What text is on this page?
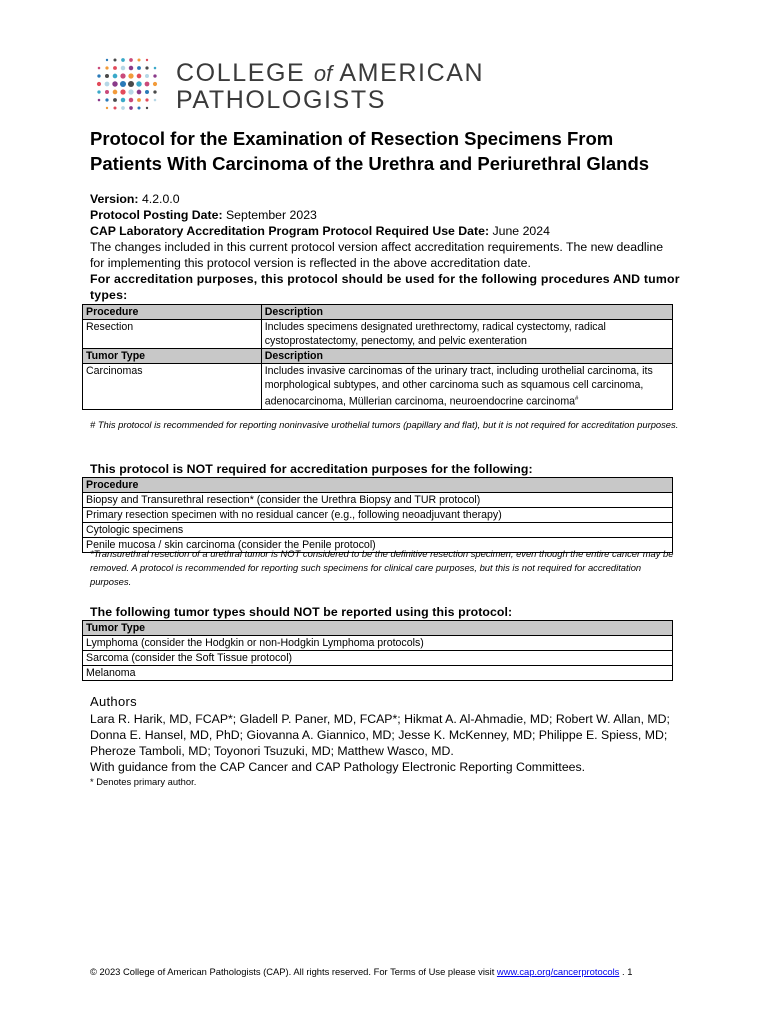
COLLEGE of AMERICAN
PATHOLOGISTS
Protocol for the Examination of Resection Specimens From Patients With Carcinoma of the Urethra and Periurethral Glands

Version: 4.2.0.0

Protocol Posting Date: September 2023

CAP Laboratory Accreditation Program Protocol Required Use Date: June 2024

The changes included in this current protocol version affect accreditation requirements. The new deadline for implementing this protocol version is reflected in the above accreditation date.

For accreditation purposes, this protocol should be used for the following procedures AND tumor types:

Procedure	Description
Resection	Includes specimens designated urethrectomy, radical cystectomy, radical cystoprostatectomy, penectomy, and pelvic exenteration
Tumor Type	Description
Carcinomas	Includes invasive carcinomas of the urinary tract, including urothelial carcinoma, its morphological subtypes, and other carcinoma such as squamous cell carcinoma, adenocarcinoma, Müllerian carcinoma, neuroendocrine carcinoma#

# This protocol is recommended for reporting noninvasive urothelial tumors (papillary and flat), but it is not required for accreditation purposes.

This protocol is NOT required for accreditation purposes for the following:

Procedure
Biopsy and Transurethral resection* (consider the Urethra Biopsy and TUR protocol)
Primary resection specimen with no residual cancer (e.g., following neoadjuvant therapy)
Cytologic specimens
Penile mucosa / skin carcinoma (consider the Penile protocol)

*Transurethral resection of a urethral tumor is NOT considered to be the definitive resection specimen, even though the entire cancer may be removed. A protocol is recommended for reporting such specimens for clinical care purposes, but this is not required for accreditation purposes.

The following tumor types should NOT be reported using this protocol:

Tumor Type
Lymphoma (consider the Hodgkin or non-Hodgkin Lymphoma protocols)
Sarcoma (consider the Soft Tissue protocol)
Melanoma

Authors

Lara R. Harik, MD, FCAP*; Gladell P. Paner, MD, FCAP*; Hikmat A. Al-Ahmadie, MD; Robert W. Allan, MD; Donna E. Hansel, MD, PhD; Giovanna A. Giannico, MD; Jesse K. McKenney, MD; Philippe E. Spiess, MD; Pheroze Tamboli, MD; Toyonori Tsuzuki, MD; Matthew Wasco, MD.

With guidance from the CAP Cancer and CAP Pathology Electronic Reporting Committees.

* Denotes primary author.

© 2023 College of American Pathologists (CAP). All rights reserved. For Terms of Use please visit www.cap.org/cancerprotocols . 1
